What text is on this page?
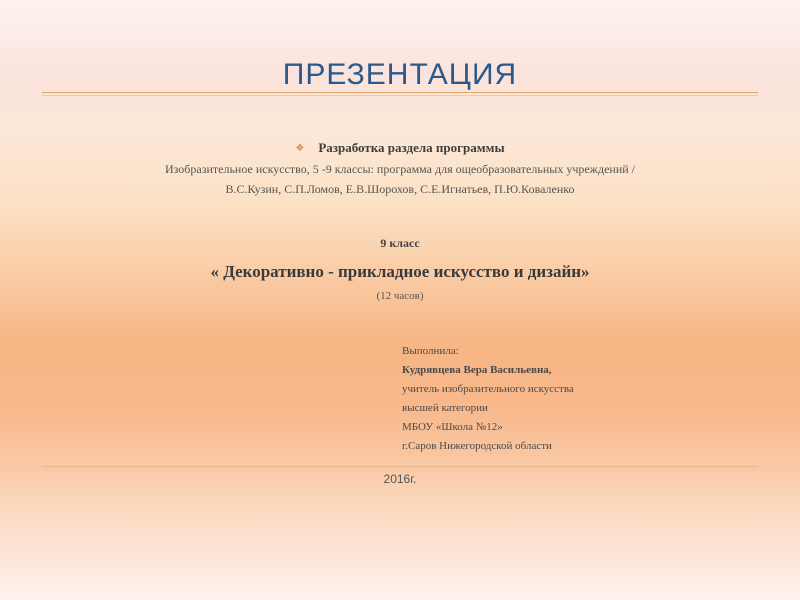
ПРЕЗЕНТАЦИЯ
❖ Разработка раздела программы
Изобразительное искусство, 5 -9 классы: программа для ощеобразовательных учреждений /
В.С.Кузин, С.П.Ломов, Е.В.Шорохов, С.Е.Игнатьев, П.Ю.Коваленко
9 класс
« Декоративно - прикладное искусство и дизайн»
(12 часов)
Выполнила:
Кудрявцева Вера Васильевна,
учитель изобразительного искусства
высшей категории
МБОУ «Школа №12»
г.Саров Нижегородской области
2016г.
